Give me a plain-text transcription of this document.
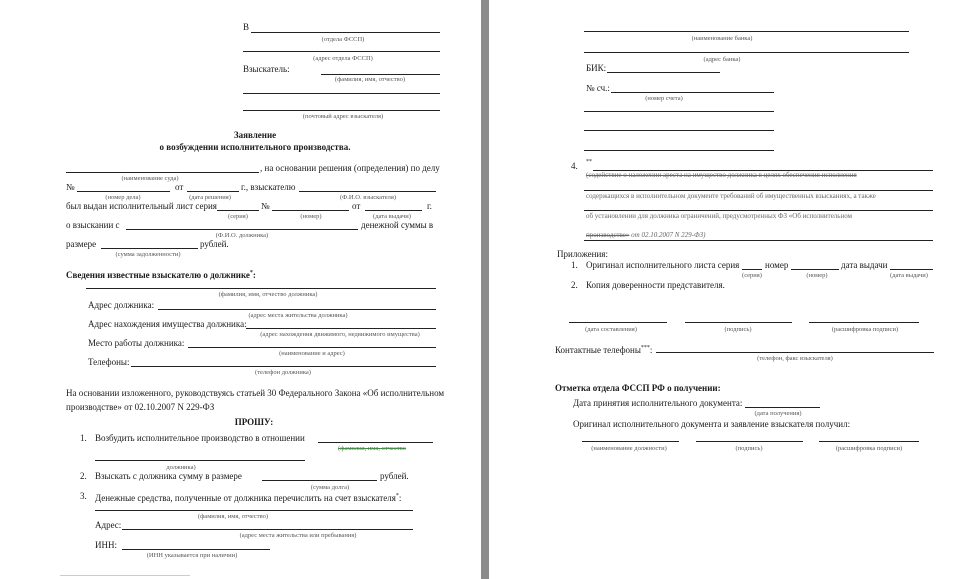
В
(отдела ФССП)
(адрес отдела ФССП)
Взыскатель:
(фамилия, имя, отчество)
(почтовый адрес взыскателя)
Заявление
о возбуждении исполнительного производства.
, на основании решения (определения) по делу
(наименование суда)
№	от	г., взыскателю
(номер дела)	(дата решения)	(Ф.И.О. взыскателя)
был выдан исполнительный лист серия	№	от	г.
(серия)	(номер)	(дата выдачи)
о взыскании с	денежной суммы в
(Ф.И.О. должника)
размере	рублей.
(сумма задолженности)
Сведения известные взыскателю о должнике*:
(фамилия, имя, отчество должника)
Адрес должника:
(адрес места жительства должника)
Адрес нахождения имущества должника:
(адрес нахождения движимого, недвижимого имущества)
Место работы должника:
(наименование и адрес)
Телефоны:
(телефон должника)
На основании изложенного, руководствуясь статьей 30 Федерального Закона «Об исполнительном
производстве» от 02.10.2007 N 229-ФЗ
ПРОШУ:
1. Возбудить исполнительное производство в отношении
(фамилия, имя, отчество
должника)
2. Взыскать с должника сумму в размере	рублей.
(сумма долга)
3. Денежные средства, полученные от должника перечислить на счет взыскателя*:
(фамилия, имя, отчество)
Адрес:
(адрес места жительства или пребывания)
ИНН:
(ИНН указывается при наличии)
(наименование банка)
(адрес банка)
БИК:
№ сч.:
(номер счета)
4. **
(содействие о наложении ареста на имущество должника в целях обеспечения исполнения
содержащихся в исполнительном документе требований об имущественных взысканиях, а также
об установлении для должника ограничений, предусмотренных ФЗ «Об исполнительном
производстве» от 02.10.2007 N 229-ФЗ)
Приложения:
1. Оригинал исполнительного листа серия	номер	дата выдачи
(серия)	(номер)	(дата выдачи)
2. Копия доверенности представителя.
(дата составления)	(подпись)	(расшифровка подписи)
Контактные телефоны***:
(телефон, факс взыскателя)
Отметка отдела ФССП РФ о получении:
Дата принятия исполнительного документа:
(дата получения)
Оригинал исполнительного документа и заявление взыскателя получил:
(наименование должности)	(подпись)	(расшифровка подписи)
